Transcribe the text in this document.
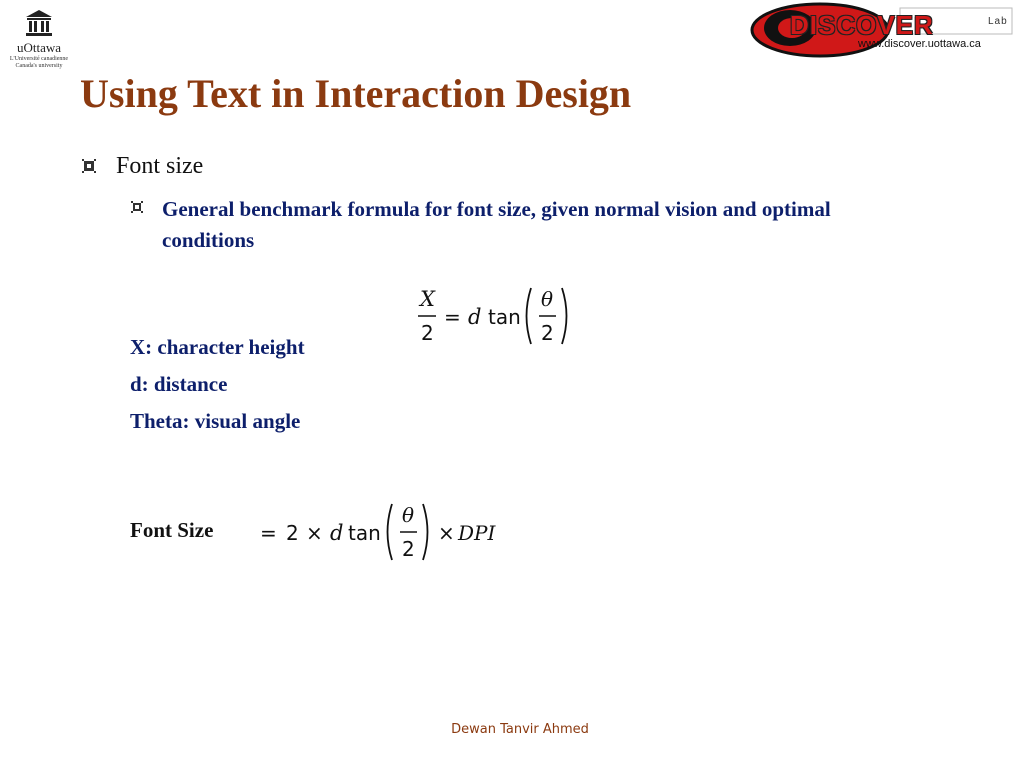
uOttawa
L'Université canadienne
Canada's university
DISCOVER	Lab
www.discover.uottawa.ca
Using Text in Interaction Design
Font size
General benchmark formula for font size, given normal vision and optimal conditions
X
2
= d tan
θ
2
X: character height
d: distance
Theta: visual angle
Font Size = 2 × d tan
θ
2
× DPI
Dewan Tanvir Ahmed
